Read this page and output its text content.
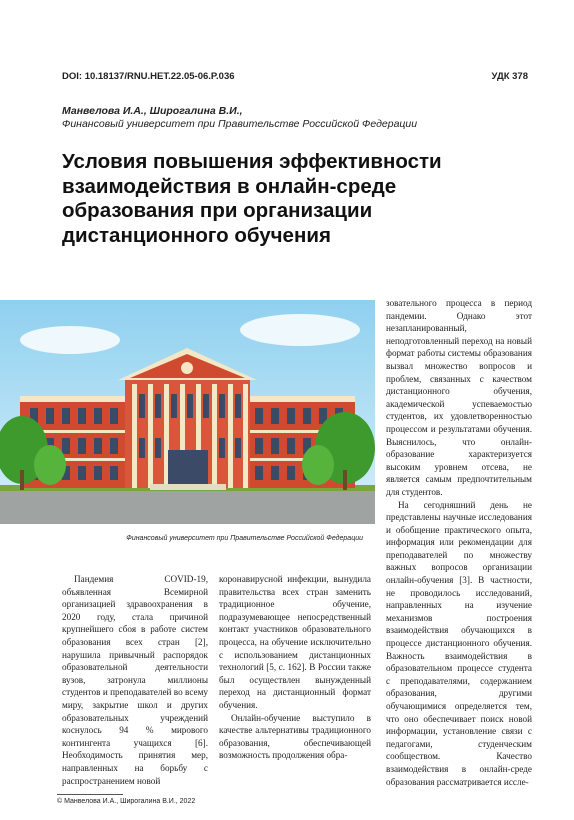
DOI: 10.18137/RNU.HET.22.05-06.P.036	УДК 378
Манвелова И.А., Широгалина В.И.,
Финансовый университет при Правительстве Российской Федерации
Условия повышения эффективности взаимодействия в онлайн-среде образования при организации дистанционного обучения
Финансовый университет при Правительстве Российской Федерации

зовательного процесса в период пандемии. Однако этот незапланированный, неподготовленный переход на новый формат работы системы образования вызвал множество вопросов и проблем, связанных с качеством дистанционного обучения, академической успеваемостью студентов, их удовлетворенностью процессом и результатами обучения. Выяснилось, что онлайн-образование характеризуется высоким уровнем отсева, не является самым предпочтительным для студентов.

На сегодняшний день не представлены научные исследования и обобщение практического опыта, информация или рекомендации для преподавателей по множеству важных вопросов организации онлайн-обучения [3]. В частности, не проводилось исследований, направленных на изучение механизмов построения взаимодействия обучающихся в процессе дистанционного обучения. Важность взаимодействия в образовательном процессе студента с преподавателями, содержанием образования, другими обучающимися определяется тем, что оно обеспечивает поиск новой информации, установление связи с педагогами, студенческим сообществом. Качество взаимодействия в онлайн-среде образования рассматривается иссле-

Пандемия COVID-19, объявленная Всемирной организацией здравоохранения в 2020 году, стала причиной крупнейшего сбоя в работе систем образования всех стран [2], нарушила привычный распорядок образовательной деятельности вузов, затронула миллионы студентов и преподавателей во всему миру, закрытие школ и других образовательных учреждений коснулось 94 % мирового контингента учащихся [6]. Необходимость принятия мер, направленных на борьбу с распространением новой

коронавирусной инфекции, вынудила правительства всех стран заменить традиционное обучение, подразумевающее непосредственный контакт участников образовательного процесса, на обучение исключительно с использованием дистанционных технологий [5, с. 162]. В России также был осуществлен вынужденный переход на дистанционный формат обучения.

Онлайн-обучение выступило в качестве альтернативы традиционного образования, обеспечивающей возможность продолжения обра-

© Манвелова И.А., Широгалина В.И., 2022
